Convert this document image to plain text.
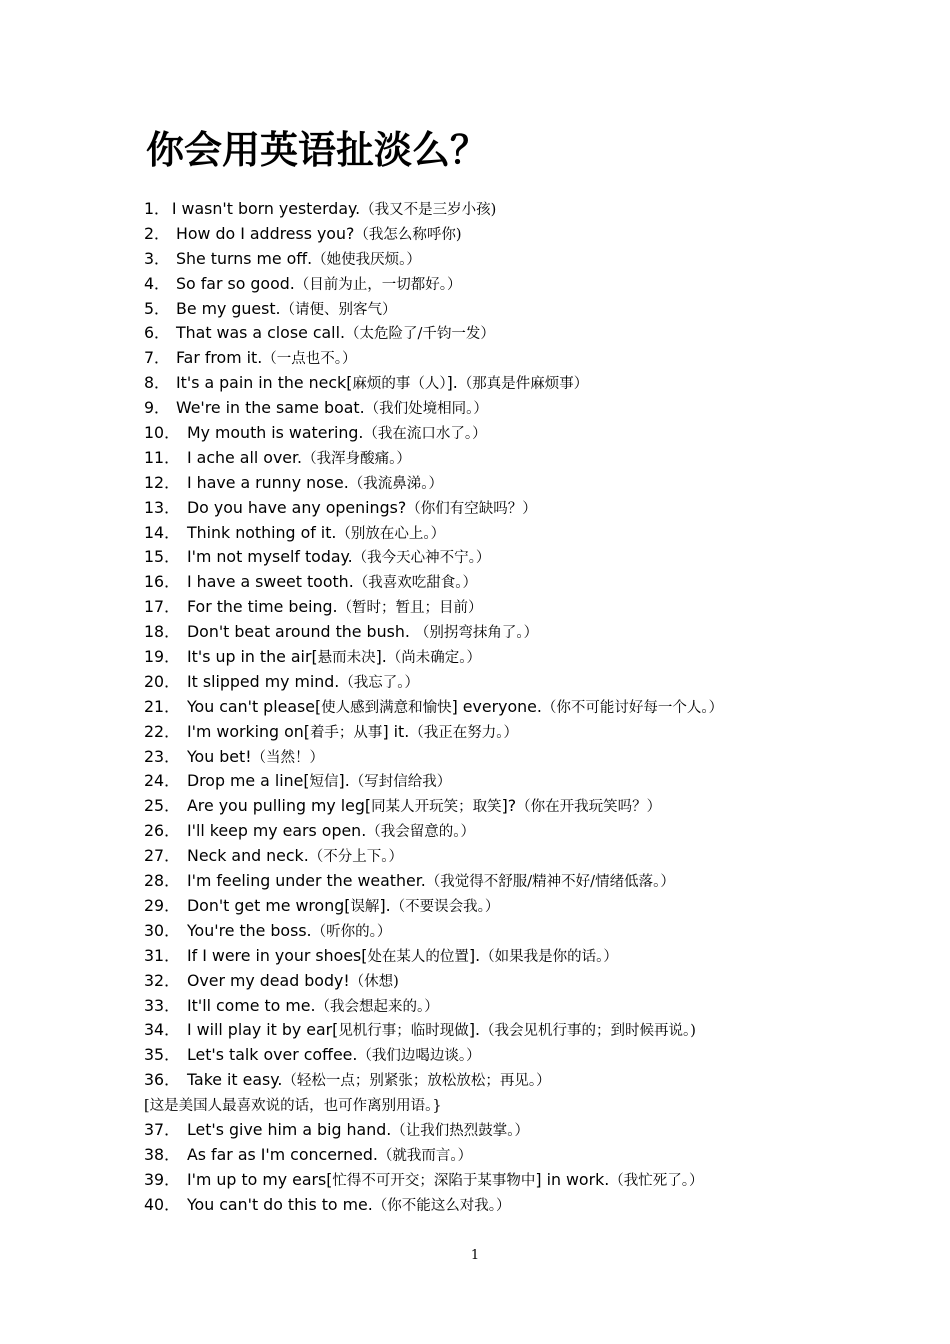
你会用英语扯淡么？
1． I wasn't born yesterday.（我又不是三岁小孩)
2． How do I address you?（我怎么称呼你)
3． She turns me off.（她使我厌烦。）
4． So far so good.（目前为止，一切都好。）
5． Be my guest.（请便、别客气）
6． That was a close call.（太危险了/千钧一发）
7． Far from it.（一点也不。）
8． It's a pain in the neck[麻烦的事（人）].（那真是件麻烦事）
9． We're in the same boat.（我们处境相同。）
10． My mouth is watering.（我在流口水了。）
11． I ache all over.（我浑身酸痛。）
12． I have a runny nose.（我流鼻涕。）
13． Do you have any openings?（你们有空缺吗？）
14． Think nothing of it.（别放在心上。）
15． I'm not myself today.（我今天心神不宁。）
16． I have a sweet tooth.（我喜欢吃甜食。）
17． For the time being.（暂时；暂且；目前）
18． Don't beat around the bush. （别拐弯抹角了。）
19． It's up in the air[悬而未决].（尚未确定。）
20． It slipped my mind.（我忘了。）
21． You can't please[使人感到满意和愉快] everyone.（你不可能讨好每一个人。）
22． I'm working on[着手；从事] it.（我正在努力。）
23． You bet!（当然！）
24． Drop me a line[短信].（写封信给我）
25． Are you pulling my leg[同某人开玩笑；取笑]?（你在开我玩笑吗？）
26． I'll keep my ears open.（我会留意的。）
27． Neck and neck.（不分上下。）
28． I'm feeling under the weather.（我觉得不舒服/精神不好/情绪低落。）
29． Don't get me wrong[误解].（不要误会我。）
30． You're the boss.（听你的。）
31． If I were in your shoes[处在某人的位置].（如果我是你的话。）
32． Over my dead body!（休想)
33． It'll come to me.（我会想起来的。）
34． I will play it by ear[见机行事；临时现做].（我会见机行事的；到时候再说。)
35． Let's talk over coffee.（我们边喝边谈。）
36． Take it easy.（轻松一点；别紧张；放松放松；再见。）
[这是美国人最喜欢说的话，也可作离别用语。}
37． Let's give him a big hand.（让我们热烈鼓掌。）
38． As far as I'm concerned.（就我而言。）
39． I'm up to my ears[忙得不可开交；深陷于某事物中] in work.（我忙死了。）
40． You can't do this to me.（你不能这么对我。）
1
